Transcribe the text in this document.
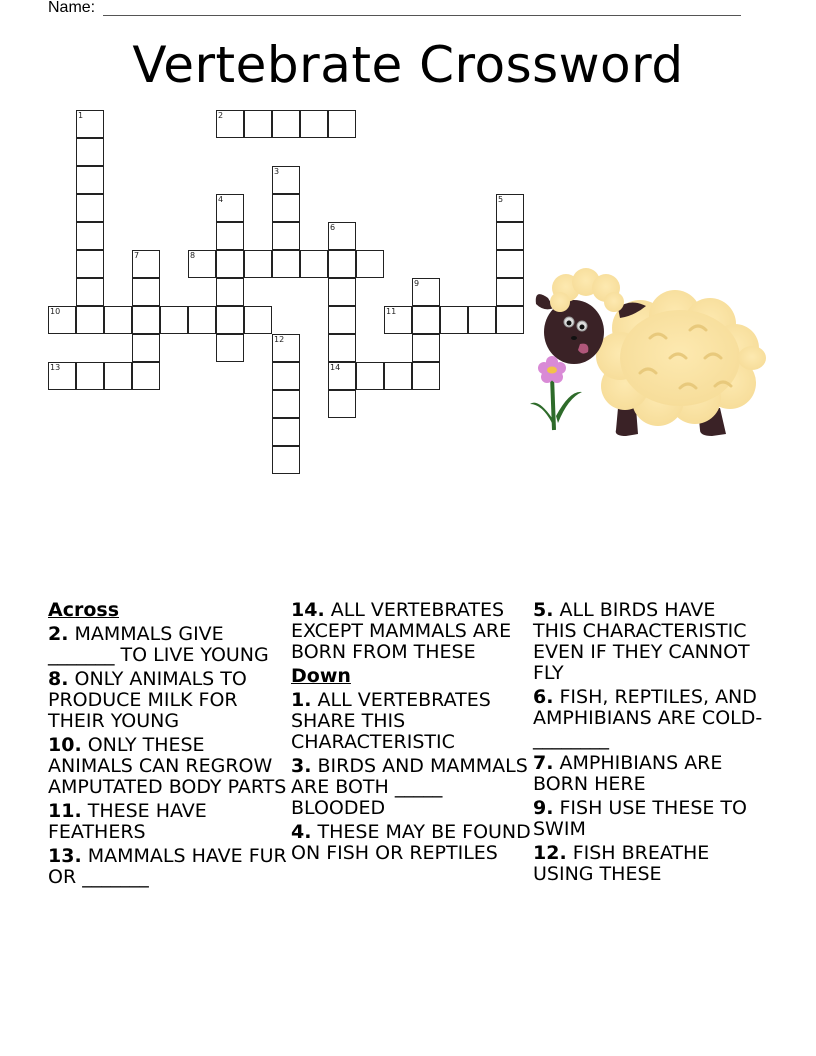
Name:
Vertebrate Crossword
1	2
3
4	5
6
14
7	8
9
10	11
12
13
Across
2. MAMMALS GIVE _______ TO LIVE YOUNG
8. ONLY ANIMALS TO PRODUCE MILK FOR THEIR YOUNG
10. ONLY THESE ANIMALS CAN REGROW AMPUTATED BODY PARTS
11. THESE HAVE FEATHERS
13. MAMMALS HAVE FUR OR _______
14. ALL VERTEBRATES EXCEPT MAMMALS ARE BORN FROM THESE
Down
1. ALL VERTEBRATES SHARE THIS CHARACTERISTIC
3. BIRDS AND MAMMALS ARE BOTH _____ BLOODED
4. THESE MAY BE FOUND ON FISH OR REPTILES
5. ALL BIRDS HAVE THIS CHARACTERISTIC EVEN IF THEY CANNOT FLY
6. FISH, REPTILES, AND AMPHIBIANS ARE COLD-________
7. AMPHIBIANS ARE BORN HERE
9. FISH USE THESE TO SWIM
12. FISH BREATHE USING THESE
